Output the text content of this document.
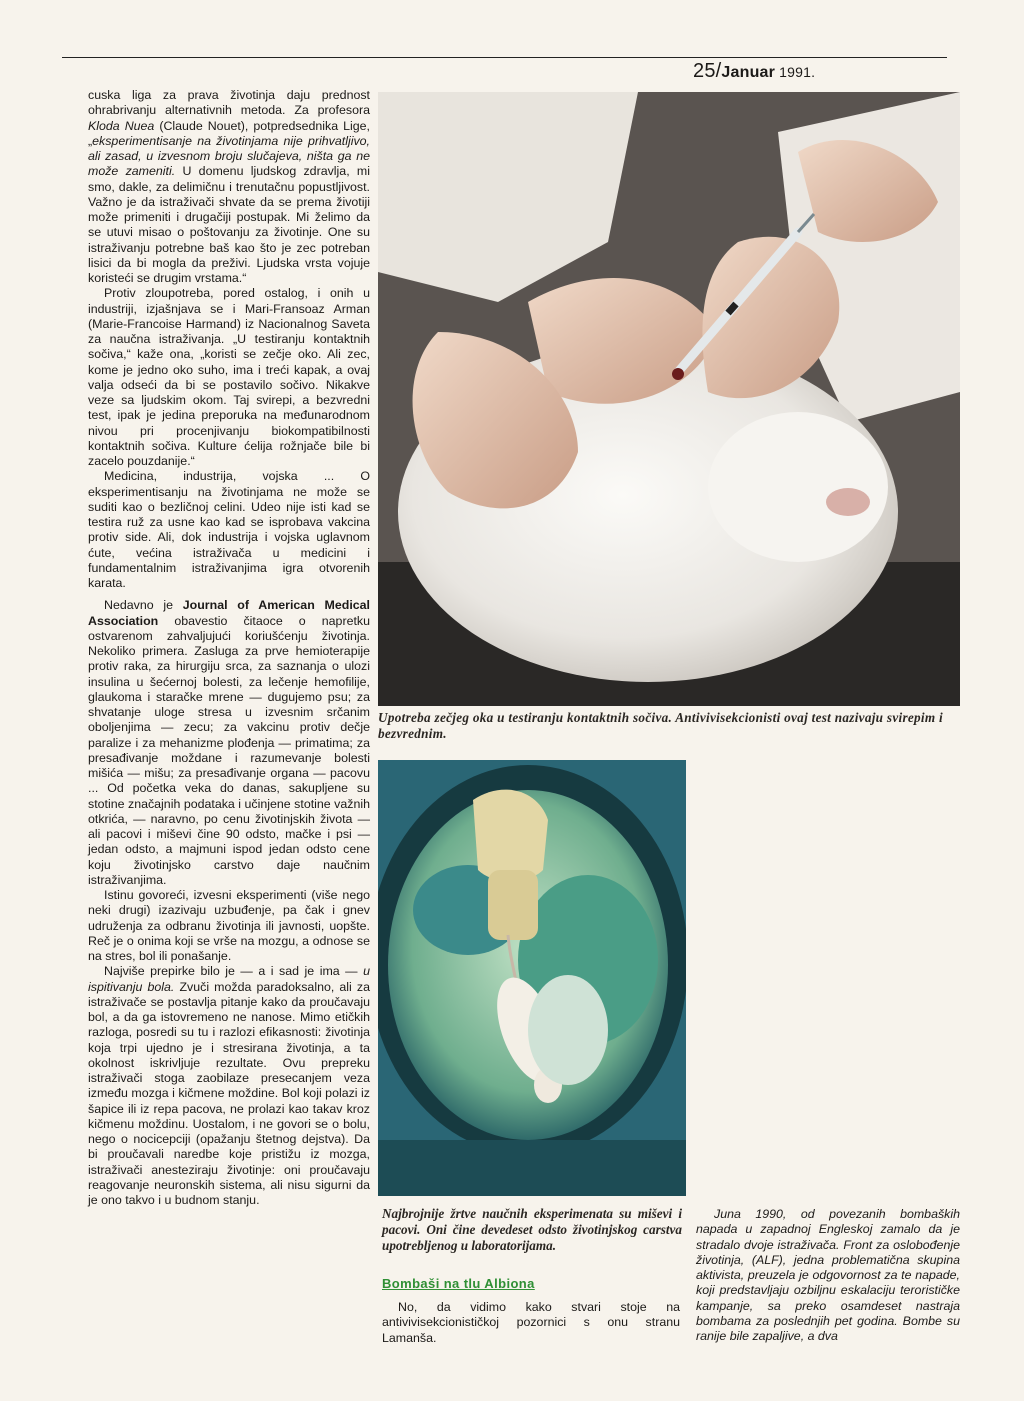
25/Januar 1991.

cuska liga za prava životinja daju prednost ohrabrivanju alternativnih metoda. Za profesora Kloda Nuea (Claude Nouet), potpredsednika Lige, „eksperimentisanje na životinjama nije prihvatljivo, ali zasad, u izvesnom broju slučajeva, ništa ga ne može zameniti. U domenu ljudskog zdravlja, mi smo, dakle, za delimičnu i trenutačnu popustljivost. Važno je da istraživači shvate da se prema životiji može primeniti i drugačiji postupak. Mi želimo da se utuvi misao o poštovanju za životinje. One su istraživanju potrebne baš kao što je zec potreban lisici da bi mogla da preživi. Ljudska vrsta vojuje koristeći se drugim vrstama.“

Protiv zloupotreba, pored ostalog, i onih u industriji, izjašnjava se i Mari-Fransoaz Arman (Marie-Francoise Harmand) iz Nacionalnog Saveta za naučna istraživanja. „U testiranju kontaktnih sočiva,“ kaže ona, „koristi se zečje oko. Ali zec, kome je jedno oko suho, ima i treći kapak, a ovaj valja odseći da bi se postavilo sočivo. Nikakve veze sa ljudskim okom. Taj svirepi, a bezvredni test, ipak je jedina preporuka na međunarodnom nivou pri procenjivanju biokompatibilnosti kontaktnih sočiva. Kulture ćelija rožnjače bile bi zacelo pouzdanije.“

Medicina, industrija, vojska ... O eksperimentisanju na životinjama ne može se suditi kao o bezličnoj celini. Udeo nije isti kad se testira ruž za usne kao kad se isprobava vakcina protiv side. Ali, dok industrija i vojska uglavnom ćute, većina istraživača u medicini i fundamentalnim istraživanjima igra otvorenih karata.

Nedavno je Journal of American Medical Association obavestio čitaoce o napretku ostvarenom zahvaljujući koriušćenju životinja. Nekoliko primera. Zasluga za prve hemioterapije protiv raka, za hirurgiju srca, za saznanja o ulozi insulina u šećernoj bolesti, za lečenje hemofilije, glaukoma i staračke mrene — dugujemo psu; za shvatanje uloge stresa u izvesnim srčanim obolјenjima — zecu; za vakcinu protiv dečje paralize i za mehanizme plođenja — primatima; za presađivanje moždane i razumevanje bolesti mišića — mišu; za presađivanje organa — pacovu ... Od početka veka do danas, sakupljene su stotine značajnih podataka i učinjene stotine važnih otkrića, — naravno, po cenu životinjskih života — ali pacovi i miševi čine 90 odsto, mačke i psi — jedan odsto, a majmuni ispod jedan odsto cene koju životinjsko carstvo daje naučnim istraživanjima.

Istinu govoreći, izvesni eksperimenti (više nego neki drugi) izazivaju uzbuđenje, pa čak i gnev udruženja za odbranu životinja ili javnosti, uopšte. Reč je o onima koji se vrše na mozgu, a odnose se na stres, bol ili ponašanje.

Najviše prepirke bilo je — a i sad je ima — u ispitivanju bola. Zvuči možda paradoksalno, ali za istraživače se postavlja pitanje kako da proučavaju bol, a da ga istovremeno ne nanose. Mimo etičkih razloga, posredi su tu i razlozi efikasnosti: životinja koja trpi ujedno je i stresirana životinja, a ta okolnost iskrivljuje rezultate. Ovu prepreku istraživači stoga zaobilaze presecanjem veza između mozga i kičmene moždine. Bol koji polazi iz šapice ili iz repa pacova, ne prolazi kao takav kroz kičmenu moždinu. Uostalom, i ne govori se o bolu, nego o nocicepciji (opažanju štetnog dejstva). Da bi proučavali naredbe koje pristižu iz mozga, istraživači anesteziraju životinje: oni proučavaju reagovanje neuronskih sistema, ali nisu sigurni da je ono takvo i u budnom stanju.

Upotreba zečjeg oka u testiranju kontaktnih sočiva. Antivivisekcionisti ovaj test nazivaju svirepim i bezvrednim.
Najbrojnije žrtve naučnih eksperimenata su miševi i pacovi. Oni čine devedeset odsto životinjskog carstva upotrebljenog u laboratorijama.
Bombaši na tlu Albiona

No, da vidimo kako stvari stoje na antivivisekcionističkoj pozornici s onu stranu Lamanša.

Juna 1990, od povezanih bombaških napada u zapadnoj Engleskoj zamalo da je stradalo dvoje istraživača. Front za oslobođenje životinja, (ALF), jedna problematična skupina aktivista, preuzela je odgovornost za te napade, koji predstavljaju ozbiljnu eskalaciju terorističke kampanje, sa preko osamdeset nastraja bombama za poslednjih pet godina. Bombe su ranije bile zapaljive, a dva
